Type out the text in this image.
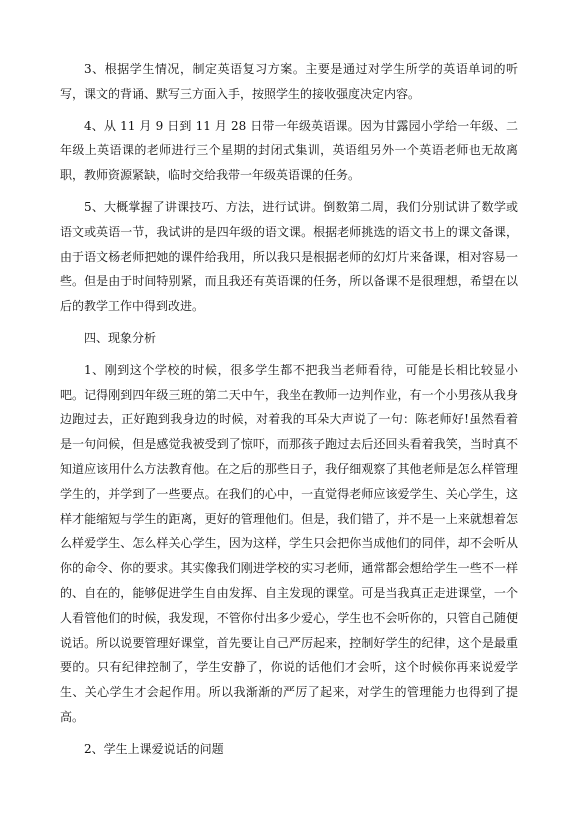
3、根据学生情况，制定英语复习方案。主要是通过对学生所学的英语单词的听写，课文的背诵、默写三方面入手，按照学生的接收强度决定内容。

4、从 11 月 9 日到 11 月 28 日带一年级英语课。因为甘露园小学给一年级、二年级上英语课的老师进行三个星期的封闭式集训，英语组另外一个英语老师也无故离职，教师资源紧缺，临时交给我带一年级英语课的任务。

5、大概掌握了讲课技巧、方法，进行试讲。倒数第二周，我们分别试讲了数学或语文或英语一节，我试讲的是四年级的语文课。根据老师挑选的语文书上的课文备课，由于语文杨老师把她的课件给我用，所以我只是根据老师的幻灯片来备课，相对容易一些。但是由于时间特别紧，而且我还有英语课的任务，所以备课不是很理想，希望在以后的教学工作中得到改进。

四、现象分析

1、刚到这个学校的时候，很多学生都不把我当老师看待，可能是长相比较显小吧。记得刚到四年级三班的第二天中午，我坐在教师一边判作业，有一个小男孩从我身边跑过去，正好跑到我身边的时候，对着我的耳朵大声说了一句：陈老师好!虽然看着是一句问候，但是感觉我被受到了惊吓，而那孩子跑过去后还回头看着我笑，当时真不知道应该用什么方法教育他。在之后的那些日子，我仔细观察了其他老师是怎么样管理学生的，并学到了一些要点。在我们的心中，一直觉得老师应该爱学生、关心学生，这样才能缩短与学生的距离，更好的管理他们。但是，我们错了，并不是一上来就想着怎么样爱学生、怎么样关心学生，因为这样，学生只会把你当成他们的同伴，却不会听从你的命令、你的要求。其实像我们刚进学校的实习老师，通常都会想给学生一些不一样的、自在的，能够促进学生自由发挥、自主发现的课堂。可是当我真正走进课堂，一个人看管他们的时候，我发现，不管你付出多少爱心，学生也不会听你的，只管自己随便说话。所以说要管理好课堂，首先要让自己严厉起来，控制好学生的纪律，这个是最重要的。只有纪律控制了，学生安静了，你说的话他们才会听，这个时候你再来说爱学生、关心学生才会起作用。所以我渐渐的严厉了起来，对学生的管理能力也得到了提高。

2、学生上课爱说话的问题
